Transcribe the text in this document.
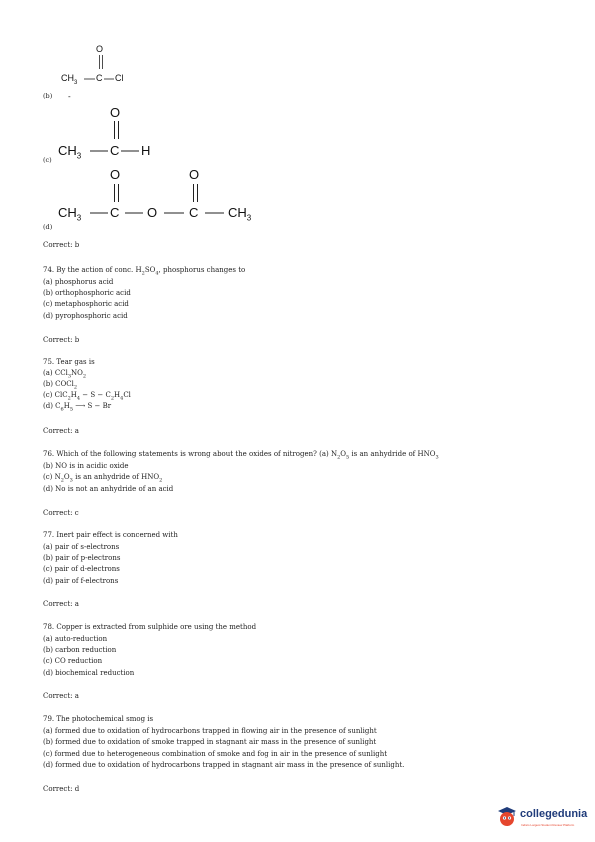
O
$CH_3$ C Cl
(b) -
O
$CH_3$ C H
(c)
O	O
$CH_3$ C O C $CH_3$
(d)
Correct: b
74. By the action of conc. $H_2SO_4$, phosphorus changes to
(a) phosphorus acid
(b) orthophosphoric acid
(c) metaphosphoric acid
(d) pyrophosphoric acid
Correct: b
75. Tear gas is
(a) $CCl_3NO_2$
(b) COCl$_2$
(c) $ClC_2H_4 - S - C_2H_4Cl$
(d) $C_6H_5$ ⟶ S − Br
Correct: a
76. Which of the following statements is wrong about the oxides of nitrogen? (a) $N_2O_5$ is an anhydride of $HNO_3$
(b) NO is in acidic oxide
(c) $N_2O_3$ is an anhydride of $HNO_2$
(d) No is not an anhydride of an acid
Correct: c
77. Inert pair effect is concerned with
(a) pair of s-electrons
(b) pair of p-electrons
(c) pair of d-electrons
(d) pair of f-electrons
Correct: a
78. Copper is extracted from sulphide ore using the method
(a) auto-reduction
(b) carbon reduction
(c) CO reduction
(d) biochemical reduction
Correct: a
79. The photochemical smog is
(a) formed due to oxidation of hydrocarbons trapped in flowing air in the presence of sunlight
(b) formed due to oxidation of smoke trapped in stagnant air mass in the presence of sunlight
(c) formed due to heterogeneous combination of smoke and fog in air in the presence of sunlight
(d) formed due to oxidation of hydrocarbons trapped in stagnant air mass in the presence of sunlight.
Correct: d
collegedunia
India's Largest Student Review Platform
